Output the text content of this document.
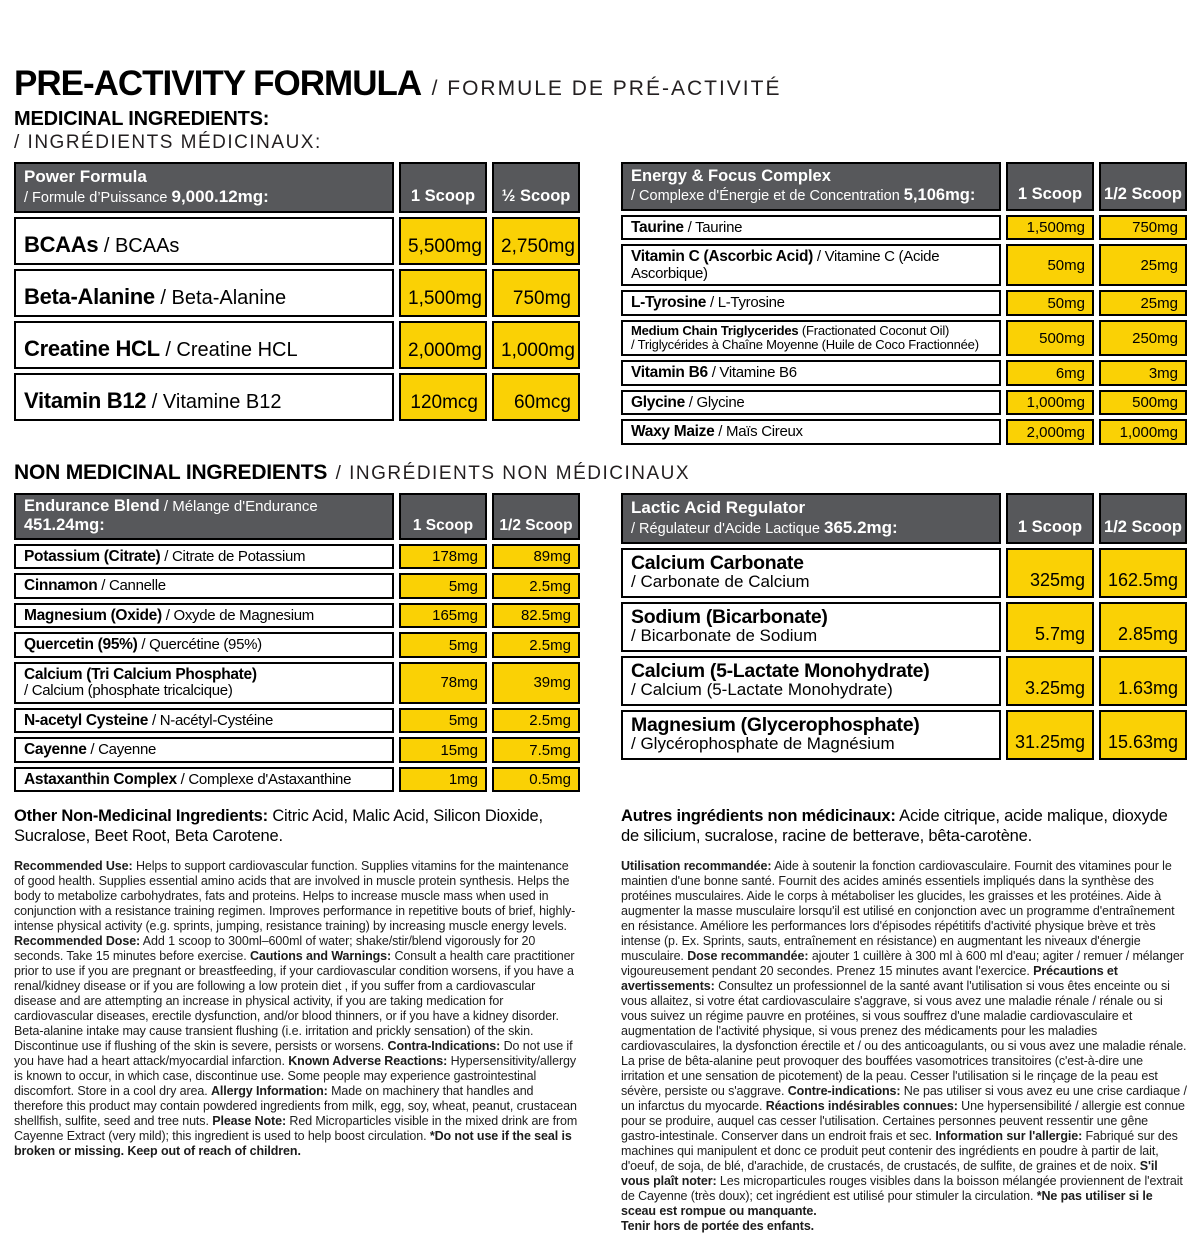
PRE-ACTIVITY FORMULA / FORMULE DE PRÉ-ACTIVITÉ
MEDICINAL INGREDIENTS:
/ INGRÉDIENTS MÉDICINAUX:
Power Formula
/ Formule d’Puissance 9,000.12mg:	1 Scoop	½ Scoop
BCAAs / BCAAs	5,500mg	2,750mg
Beta-Alanine / Beta-Alanine	1,500mg	750mg
Creatine HCL / Creatine HCL	2,000mg	1,000mg
Vitamin B12 / Vitamine B12	120mcg	60mcg
Energy & Focus Complex
/ Complexe d'Énergie et de Concentration 5,106mg:	1 Scoop	1/2 Scoop
Taurine / Taurine	1,500mg	750mg
Vitamin C (Ascorbic Acid) / Vitamine C (Acide Ascorbique)	50mg	25mg
L-Tyrosine / L-Tyrosine	50mg	25mg
Medium Chain Triglycerides (Fractionated Coconut Oil)
/ Triglycérides à Chaîne Moyenne (Huile de Coco Fractionnée)	500mg	250mg
Vitamin B6 / Vitamine B6	6mg	3mg
Glycine / Glycine	1,000mg	500mg
Waxy Maize / Maïs Cireux	2,000mg	1,000mg
NON MEDICINAL INGREDIENTS / INGRÉDIENTS NON MÉDICINAUX
Endurance Blend / Mélange d'Endurance 451.24mg:	1 Scoop	1/2 Scoop
Potassium (Citrate) / Citrate de Potassium	178mg	89mg
Cinnamon / Cannelle	5mg	2.5mg
Magnesium (Oxide) / Oxyde de Magnesium	165mg	82.5mg
Quercetin (95%) / Quercétine (95%)	5mg	2.5mg
Calcium (Tri Calcium Phosphate)
/ Calcium (phosphate tricalcique)	78mg	39mg
N-acetyl Cysteine / N-acétyl-Cystéine	5mg	2.5mg
Cayenne / Cayenne	15mg	7.5mg
Astaxanthin Complex / Complexe d'Astaxanthine	1mg	0.5mg
Lactic Acid Regulator
/ Régulateur d'Acide Lactique 365.2mg:	1 Scoop	1/2 Scoop
Calcium Carbonate
/ Carbonate de Calcium	325mg	162.5mg
Sodium (Bicarbonate)
/ Bicarbonate de Sodium	5.7mg	2.85mg
Calcium (5-Lactate Monohydrate)
/ Calcium (5-Lactate Monohydrate)	3.25mg	1.63mg
Magnesium (Glycerophosphate)
/ Glycérophosphate de Magnésium	31.25mg	15.63mg

Other Non-Medicinal Ingredients: Citric Acid, Malic Acid, Silicon Dioxide, Sucralose, Beet Root, Beta Carotene.

Recommended Use: Helps to support cardiovascular function. Supplies vitamins for the maintenance of good health. Supplies essential amino acids that are involved in muscle protein synthesis. Helps the body to metabolize carbohydrates, fats and proteins. Helps to increase muscle mass when used in conjunction with a resistance training regimen. Improves performance in repetitive bouts of brief, highly-intense physical activity (e.g. sprints, jumping, resistance training) by increasing muscle energy levels. Recommended Dose: Add 1 scoop to 300ml–600ml of water; shake/stir/blend vigorously for 20 seconds. Take 15 minutes before exercise. Cautions and Warnings: Consult a health care practitioner prior to use if you are pregnant or breastfeeding, if your cardiovascular condition worsens, if you have a renal/kidney disease or if you are following a low protein diet , if you suffer from a cardiovascular disease and are attempting an increase in physical activity, if you are taking medication for cardiovascular diseases, erectile dysfunction, and/or blood thinners, or if you have a kidney disorder. Beta-alanine intake may cause transient flushing (i.e. irritation and prickly sensation) of the skin. Discontinue use if flushing of the skin is severe, persists or worsens. Contra-Indications: Do not use if you have had a heart attack/myocardial infarction. Known Adverse Reactions: Hypersensitivity/allergy is known to occur, in which case, discontinue use. Some people may experience gastrointestinal discomfort. Store in a cool dry area. Allergy Information: Made on machinery that handles and therefore this product may contain powdered ingredients from milk, egg, soy, wheat, peanut, crustacean shellfish, sulfite, seed and tree nuts. Please Note: Red Microparticles visible in the mixed drink are from Cayenne Extract (very mild); this ingredient is used to help boost circulation. *Do not use if the seal is broken or missing. Keep out of reach of children.

Autres ingrédients non médicinaux: Acide citrique, acide malique, dioxyde de silicium, sucralose, racine de betterave, bêta-carotène.

Utilisation recommandée: Aide à soutenir la fonction cardiovasculaire. Fournit des vitamines pour le maintien d'une bonne santé. Fournit des acides aminés essentiels impliqués dans la synthèse des protéines musculaires. Aide le corps à métaboliser les glucides, les graisses et les protéines. Aide à augmenter la masse musculaire lorsqu'il est utilisé en conjonction avec un programme d'entraînement en résistance. Améliore les performances lors d'épisodes répétitifs d'activité physique brève et très intense (p. Ex. Sprints, sauts, entraînement en résistance) en augmentant les niveaux d'énergie musculaire. Dose recommandée: ajouter 1 cuillère à 300 ml à 600 ml d'eau; agiter / remuer / mélanger vigoureusement pendant 20 secondes. Prenez 15 minutes avant l'exercice. Précautions et avertissements: Consultez un professionnel de la santé avant l'utilisation si vous êtes enceinte ou si vous allaitez, si votre état cardiovasculaire s'aggrave, si vous avez une maladie rénale / rénale ou si vous suivez un régime pauvre en protéines, si vous souffrez d'une maladie cardiovasculaire et augmentation de l'activité physique, si vous prenez des médicaments pour les maladies cardiovasculaires, la dysfonction érectile et / ou des anticoagulants, ou si vous avez une maladie rénale. La prise de bêta-alanine peut provoquer des bouffées vasomotrices transitoires (c'est-à-dire une irritation et une sensation de picotement) de la peau. Cesser l'utilisation si le rinçage de la peau est sévère, persiste ou s'aggrave. Contre-indications: Ne pas utiliser si vous avez eu une crise cardiaque / un infarctus du myocarde. Réactions indésirables connues: Une hypersensibilité / allergie est connue pour se produire, auquel cas cesser l'utilisation. Certaines personnes peuvent ressentir une gêne gastro-intestinale. Conserver dans un endroit frais et sec. Information sur l'allergie: Fabriqué sur des machines qui manipulent et donc ce produit peut contenir des ingrédients en poudre à partir de lait, d'oeuf, de soja, de blé, d'arachide, de crustacés, de crustacés, de sulfite, de graines et de noix. S'il vous plaît noter: Les microparticules rouges visibles dans la boisson mélangée proviennent de l'extrait de Cayenne (très doux); cet ingrédient est utilisé pour stimuler la circulation. *Ne pas utiliser si le sceau est rompue ou manquante.
Tenir hors de portée des enfants.
